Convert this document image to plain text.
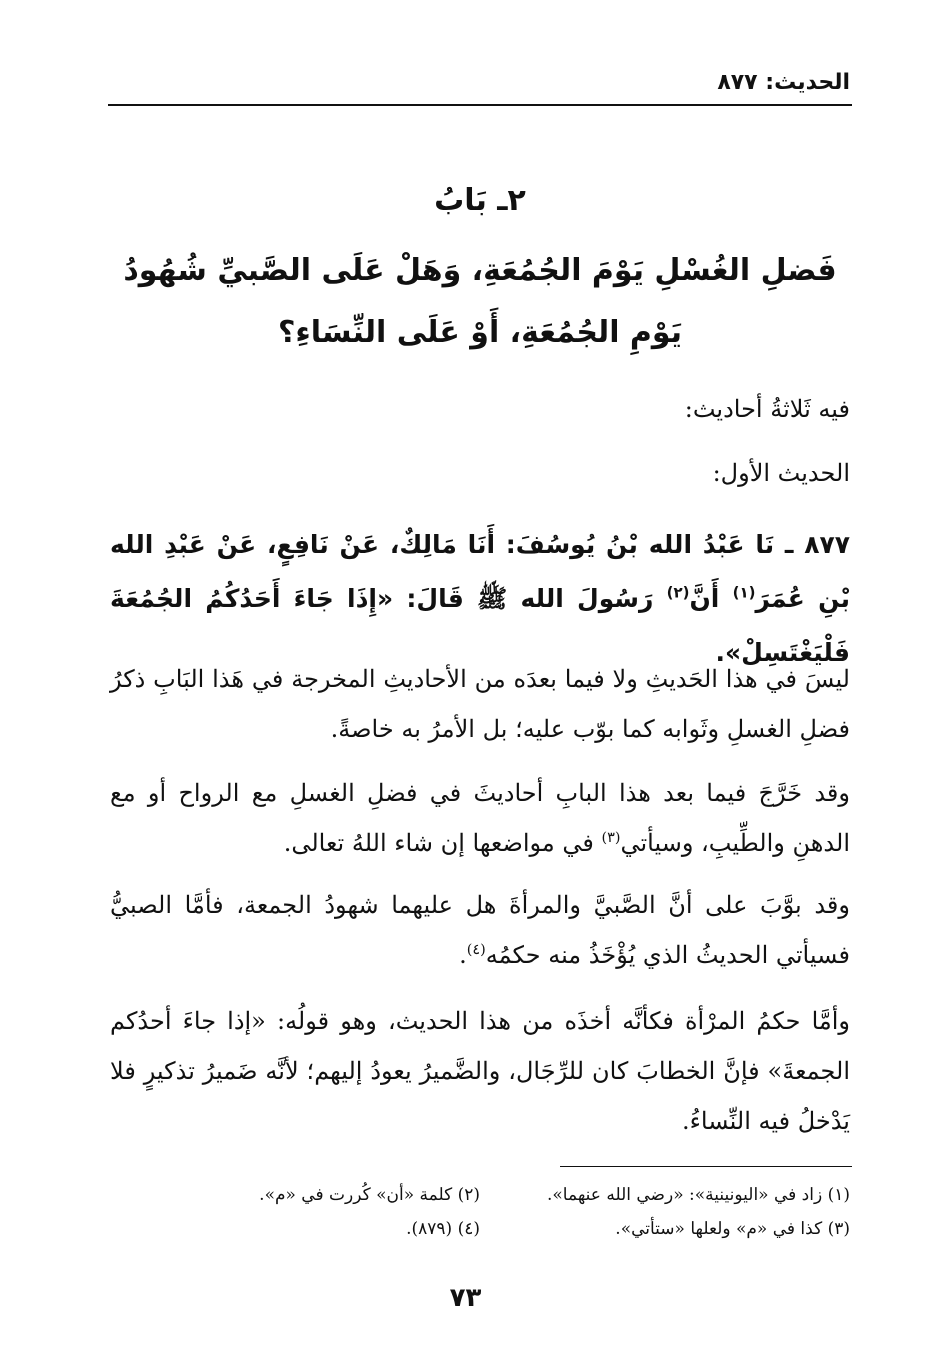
الحديث: ٨٧٧
٢ـ بَابُ
فَضلِ الغُسْلِ يَوْمَ الجُمُعَةِ، وَهَلْ عَلَى الصَّبيِّ شُهُودُ يَوْمِ الجُمُعَةِ، أَوْ عَلَى النِّسَاءِ؟
فيه ثَلاثةُ أحاديث:
الحديث الأول:
٨٧٧ ـ نَا عَبْدُ الله بْنُ يُوسُفَ: أَنَا مَالِكٌ، عَنْ نَافِعٍ، عَنْ عَبْدِ الله بْنِ عُمَرَ$^{(١)}$ أَنَّ$^{(٢)}$ رَسُولَ الله ﷺ قَالَ: «إِذَا جَاءَ أَحَدُكُمُ الجُمُعَةَ فَلْيَغْتَسِلْ».
ليسَ في هذا الحَديثِ ولا فيما بعدَه من الأحاديثِ المخرجة في هَذا البَابِ ذكرُ فضلِ الغسلِ وثَوابه كما بوّب عليه؛ بل الأمرُ به خاصةً.
وقد خَرَّجَ فيما بعد هذا البابِ أحاديثَ في فضلِ الغسلِ مع الرواح أو مع الدهنِ والطِّيبِ، وسيأتي$^{(٣)}$ في مواضعها إن شاء اللهُ تعالى.
وقد بوَّبَ على أنَّ الصَّبيَّ والمرأةَ هل عليهما شهودُ الجمعة، فأمَّا الصبيُّ فسيأتي الحديثُ الذي يُؤْخَذُ منه حكمُه$^{(٤)}$.
وأمَّا حكمُ المرْأة فكأنَّه أخذَه من هذا الحديث، وهو قولُه: «إذا جاءَ أحدُكم الجمعةَ» فإنَّ الخطابَ كان للرِّجَال، والضَّميرُ يعودُ إليهم؛ لأنَّه ضَميرُ تذكيرٍ فلا يَدْخلُ فيه النِّساءُ.
(١) زاد في «اليونينية»: «رضي الله عنهما».
(٢) كلمة «أن» كُررت في «م».
(٣) كذا في «م» ولعلها «ستأتي».
(٤) (٨٧٩).
٧٣
